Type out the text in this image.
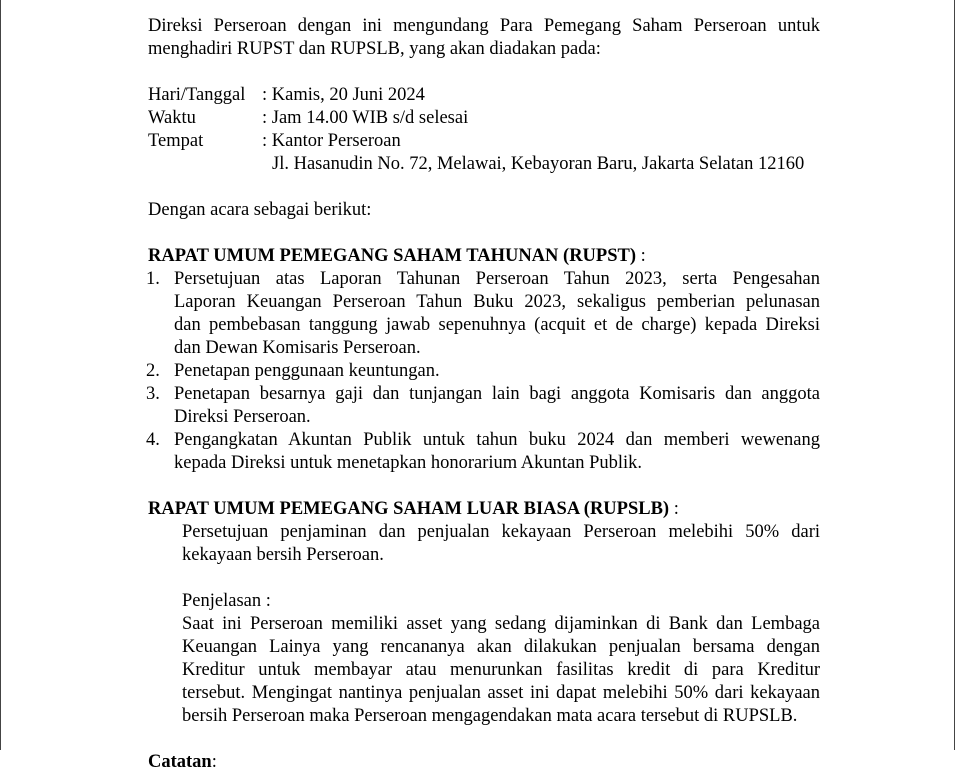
Direksi Perseroan dengan ini mengundang Para Pemegang Saham Perseroan untuk
menghadiri RUPST dan RUPSLB, yang akan diadakan pada:
Hari/Tanggal : Kamis, 20 Juni 2024
Waktu	: Jam 14.00 WIB s/d selesai
Tempat	: Kantor Perseroan
Jl. Hasanudin No. 72, Melawai, Kebayoran Baru, Jakarta Selatan 12160
Dengan acara sebagai berikut:
RAPAT UMUM PEMEGANG SAHAM TAHUNAN (RUPST) :
1. Persetujuan atas Laporan Tahunan Perseroan Tahun 2023, serta Pengesahan
Laporan Keuangan Perseroan Tahun Buku 2023, sekaligus pemberian pelunasan
dan pembebasan tanggung jawab sepenuhnya (acquit et de charge) kepada Direksi
dan Dewan Komisaris Perseroan.
2. Penetapan penggunaan keuntungan.
3. Penetapan besarnya gaji dan tunjangan lain bagi anggota Komisaris dan anggota
Direksi Perseroan.
4. Pengangkatan Akuntan Publik untuk tahun buku 2024 dan memberi wewenang
kepada Direksi untuk menetapkan honorarium Akuntan Publik.
RAPAT UMUM PEMEGANG SAHAM LUAR BIASA (RUPSLB) :
Persetujuan penjaminan dan penjualan kekayaan Perseroan melebihi 50% dari
kekayaan bersih Perseroan.
Penjelasan :
Saat ini Perseroan memiliki asset yang sedang dijaminkan di Bank dan Lembaga
Keuangan Lainya yang rencananya akan dilakukan penjualan bersama dengan
Kreditur untuk membayar atau menurunkan fasilitas kredit di para Kreditur
tersebut. Mengingat nantinya penjualan asset ini dapat melebihi 50% dari kekayaan
bersih Perseroan maka Perseroan mengagendakan mata acara tersebut di RUPSLB.
Catatan:
